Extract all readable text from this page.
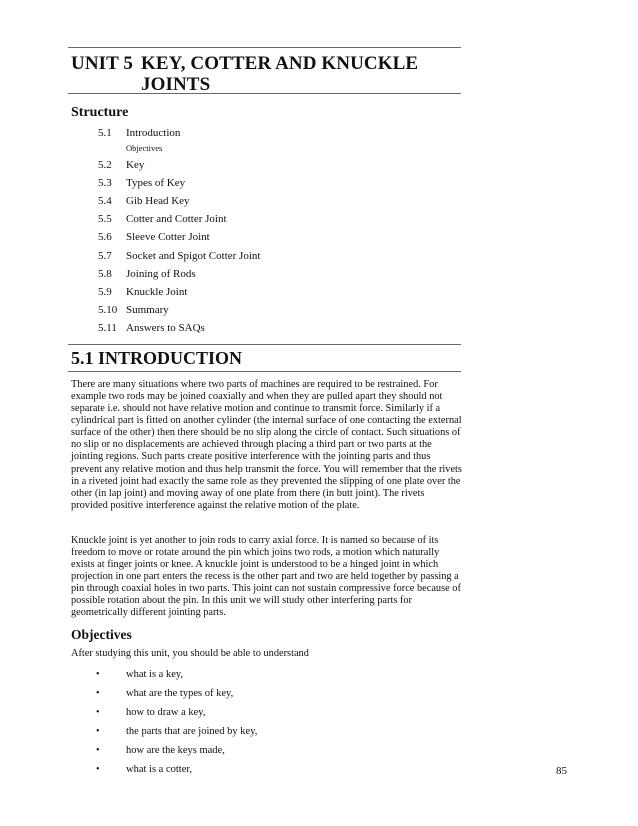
UNIT 5 KEY, COTTER AND KNUCKLE
JOINTS
Structure
5.1 Introduction
Objectives
5.2 Key
5.3 Types of Key
5.4 Gib Head Key
5.5 Cotter and Cotter Joint
5.6 Sleeve Cotter Joint
5.7 Socket and Spigot Cotter Joint
5.8 Joining of Rods
5.9 Knuckle Joint
5.10 Summary
5.11 Answers to SAQs
5.1 INTRODUCTION

There are many situations where two parts of machines are required to be restrained. For example two rods may be joined coaxially and when they are pulled apart they should not separate i.e. should not have relative motion and continue to transmit force. Similarly if a cylindrical part is fitted on another cylinder (the internal surface of one contacting the external surface of the other) then there should be no slip along the circle of contact. Such situations of no slip or no displacements are achieved through placing a third part or two parts at the jointing regions. Such parts create positive interference with the jointing parts and thus prevent any relative motion and thus help transmit the force. You will remember that the rivets in a riveted joint had exactly the same role as they prevented the slipping of one plate over the other (in lap joint) and moving away of one plate from there (in butt joint). The rivets provided positive interference against the relative motion of the plate.

Knuckle joint is yet another to join rods to carry axial force. It is named so because of its freedom to move or rotate around the pin which joins two rods, a motion which naturally exists at finger joints or knee. A knuckle joint is understood to be a hinged joint in which projection in one part enters the recess is the other part and two are held together by passing a pin through coaxial holes in two parts. This joint can not sustain compressive force because of possible rotation about the pin. In this unit we will study other interfering parts for geometrically different jointing parts.

Objectives

After studying this unit, you should be able to understand

•	what is a key,
•	what are the types of key,
•	how to draw a key,
•	the parts that are joined by key,
•	how are the keys made,
•	what is a cotter,	85
